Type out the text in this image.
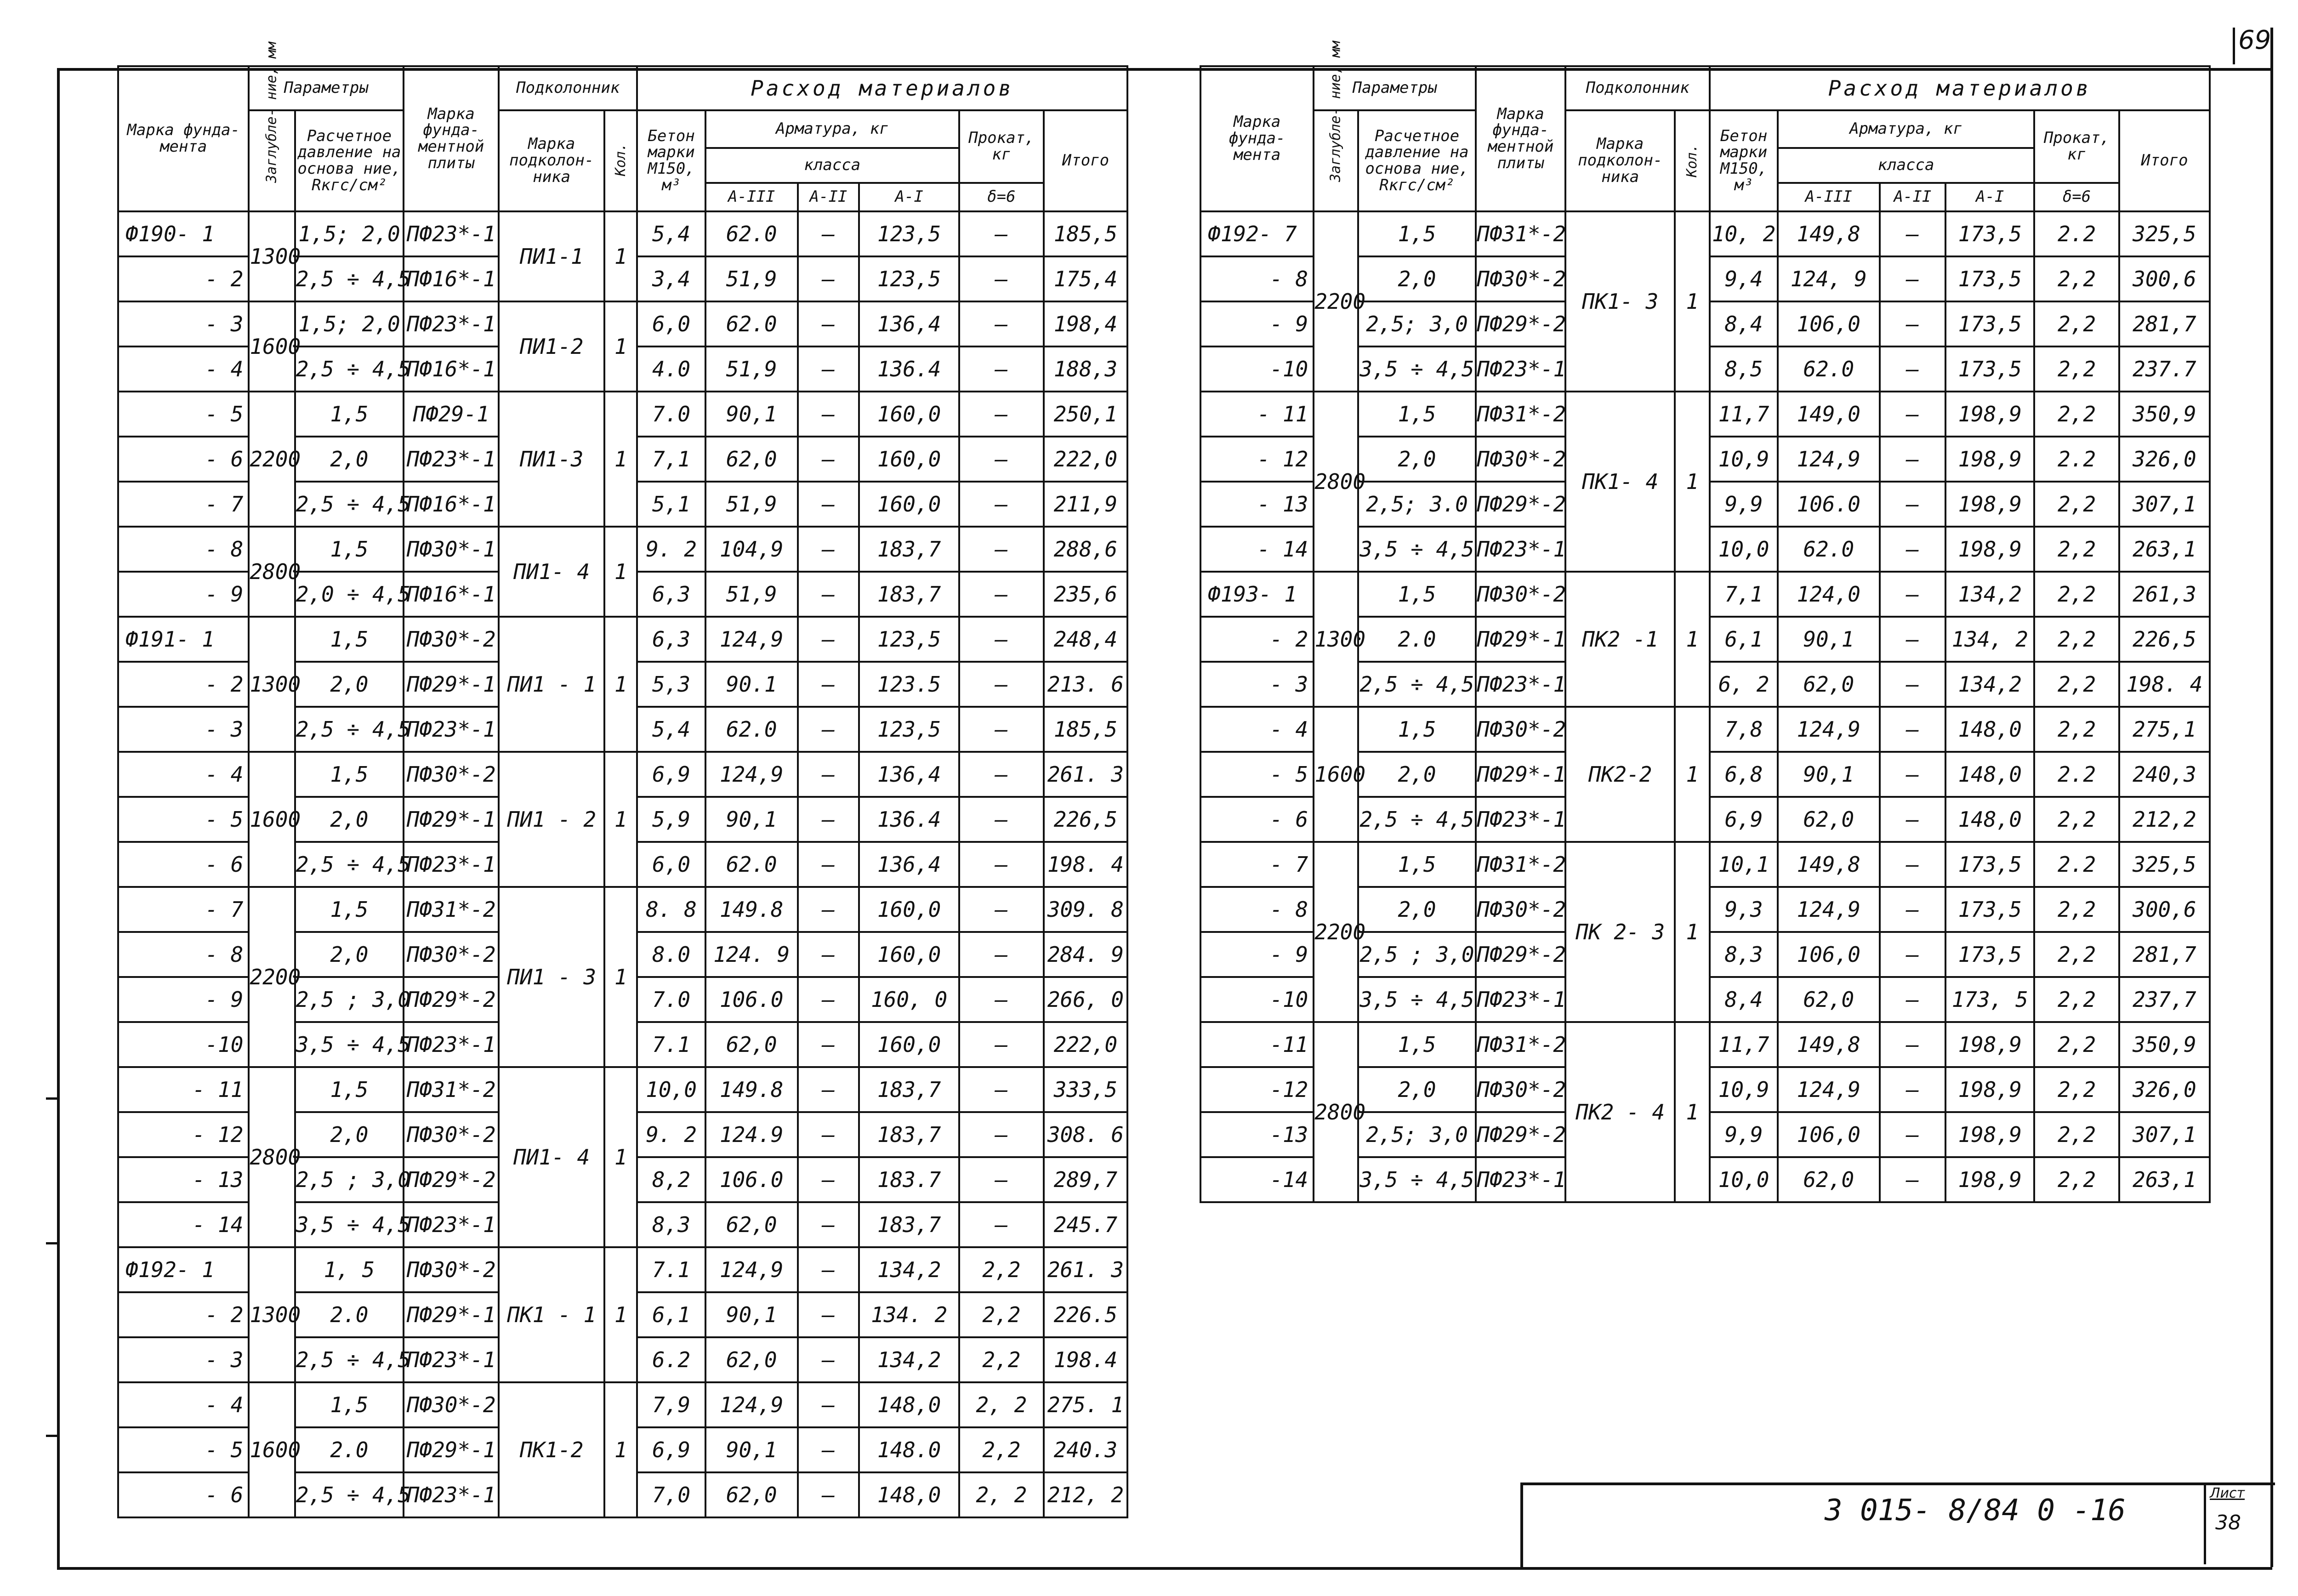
69
Марка фунда- мента	Параметры		Марка фунда- ментной плиты	Подколонник		Расход материалов					

	Заглубле- ние, мм	Расчетное давление на основа ние, Rкгс/см²		Марка подколон- ника	Кол.	Бетон марки M150, м³	Арматура, кг			Прокат, кг	Итого
							класса				
							A-III	A-II	A-I	δ=6	
Ф190- 1	1300	1,5; 2,0	ПФ23*-1	ПИ1-1	1	5,4	62.0	—	123,5	—	185,5
- 2		2,5 ÷ 4,5	ПФ16*-1			3,4	51,9	—	123,5	—	175,4
- 3	1600	1,5; 2,0	ПФ23*-1	ПИ1-2	1	6,0	62.0	—	136,4	—	198,4
- 4		2,5 ÷ 4,5	ПФ16*-1			4.0	51,9	—	136.4	—	188,3
- 5	2200	1,5	ПФ29-1	ПИ1-3	1	7.0	90,1	—	160,0	—	250,1
- 6		2,0	ПФ23*-1			7,1	62,0	—	160,0	—	222,0
- 7		2,5 ÷ 4,5	ПФ16*-1			5,1	51,9	—	160,0	—	211,9
- 8	2800	1,5	ПФ30*-1	ПИ1- 4	1	9. 2	104,9	—	183,7	—	288,6
- 9		2,0 ÷ 4,5	ПФ16*-1			6,3	51,9	—	183,7	—	235,6
Ф191- 1	1300	1,5	ПФ30*-2	ПИ1 - 1	1	6,3	124,9	—	123,5	—	248,4
- 2		2,0	ПФ29*-1			5,3	90.1	—	123.5	—	213. 6
- 3		2,5 ÷ 4,5	ПФ23*-1			5,4	62.0	—	123,5	—	185,5
- 4	1600	1,5	ПФ30*-2	ПИ1 - 2	1	6,9	124,9	—	136,4	—	261. 3
- 5		2,0	ПФ29*-1			5,9	90,1	—	136.4	—	226,5
- 6		2,5 ÷ 4,5	ПФ23*-1			6,0	62.0	—	136,4	—	198. 4
- 7	2200	1,5	ПФ31*-2	ПИ1 - 3	1	8. 8	149.8	—	160,0	—	309. 8
- 8		2,0	ПФ30*-2			8.0	124. 9	—	160,0	—	284. 9
- 9		2,5 ; 3,0	ПФ29*-2			7.0	106.0	—	160, 0	—	266, 0
-10		3,5 ÷ 4,5	ПФ23*-1			7.1	62,0	—	160,0	—	222,0
- 11	2800	1,5	ПФ31*-2	ПИ1- 4	1	10,0	149.8	—	183,7	—	333,5
- 12		2,0	ПФ30*-2			9. 2	124.9	—	183,7	—	308. 6
- 13		2,5 ; 3,0	ПФ29*-2			8,2	106.0	—	183.7	—	289,7
- 14		3,5 ÷ 4,5	ПФ23*-1			8,3	62,0	—	183,7	—	245.7
Ф192- 1	1300	1, 5	ПФ30*-2	ПК1 - 1	1	7.1	124,9	—	134,2	2,2	261. 3
- 2		2.0	ПФ29*-1			6,1	90,1	—	134. 2	2,2	226.5
- 3		2,5 ÷ 4,5	ПФ23*-1			6.2	62,0	—	134,2	2,2	198.4
- 4	1600	1,5	ПФ30*-2	ПК1-2	1	7,9	124,9	—	148,0	2, 2	275. 1
- 5		2.0	ПФ29*-1			6,9	90,1	—	148.0	2,2	240.3
- 6		2,5 ÷ 4,5	ПФ23*-1			7,0	62,0	—	148,0	2, 2	212, 2
Марка фунда- мента	Параметры		Марка фунда- ментной плиты	Подколонник		Расход материалов					

	Заглубле- ние, мм	Расчетное давление на основа ние, Rкгс/см²		Марка подколон- ника	Кол.	Бетон марки M150, м³	Арматура, кг			Прокат, кг	Итого
							класса				
							A-III	A-II	A-I	δ=6	
Ф192- 7	2200	1,5	ПФ31*-2	ПК1- 3	1	10, 2	149,8	—	173,5	2.2	325,5
- 8		2,0	ПФ30*-2			9,4	124, 9	—	173,5	2,2	300,6
- 9		2,5; 3,0	ПФ29*-2			8,4	106,0	—	173,5	2,2	281,7
-10		3,5 ÷ 4,5	ПФ23*-1			8,5	62.0	—	173,5	2,2	237.7
- 11	2800	1,5	ПФ31*-2	ПК1- 4	1	11,7	149,0	—	198,9	2,2	350,9
- 12		2,0	ПФ30*-2			10,9	124,9	—	198,9	2.2	326,0
- 13		2,5; 3.0	ПФ29*-2			9,9	106.0	—	198,9	2,2	307,1
- 14		3,5 ÷ 4,5	ПФ23*-1			10,0	62.0	—	198,9	2,2	263,1
Ф193- 1	1300	1,5	ПФ30*-2	ПК2 -1	1	7,1	124,0	—	134,2	2,2	261,3
- 2		2.0	ПФ29*-1			6,1	90,1	—	134, 2	2,2	226,5
- 3		2,5 ÷ 4,5	ПФ23*-1			6, 2	62,0	—	134,2	2,2	198. 4
- 4	1600	1,5	ПФ30*-2	ПК2-2	1	7,8	124,9	—	148,0	2,2	275,1
- 5		2,0	ПФ29*-1			6,8	90,1	—	148,0	2.2	240,3
- 6		2,5 ÷ 4,5	ПФ23*-1			6,9	62,0	—	148,0	2,2	212,2
- 7	2200	1,5	ПФ31*-2	ПК 2- 3	1	10,1	149,8	—	173,5	2.2	325,5
- 8		2,0	ПФ30*-2			9,3	124,9	—	173,5	2,2	300,6
- 9		2,5 ; 3,0	ПФ29*-2			8,3	106,0	—	173,5	2,2	281,7
-10		3,5 ÷ 4,5	ПФ23*-1			8,4	62,0	—	173, 5	2,2	237,7
-11	2800	1,5	ПФ31*-2	ПК2 - 4	1	11,7	149,8	—	198,9	2,2	350,9
-12		2,0	ПФ30*-2			10,9	124,9	—	198,9	2,2	326,0
-13		2,5; 3,0	ПФ29*-2			9,9	106,0	—	198,9	2,2	307,1
-14		3,5 ÷ 4,5	ПФ23*-1			10,0	62,0	—	198,9	2,2	263,1
3 015- 8/84 0 -16
Лист
38
